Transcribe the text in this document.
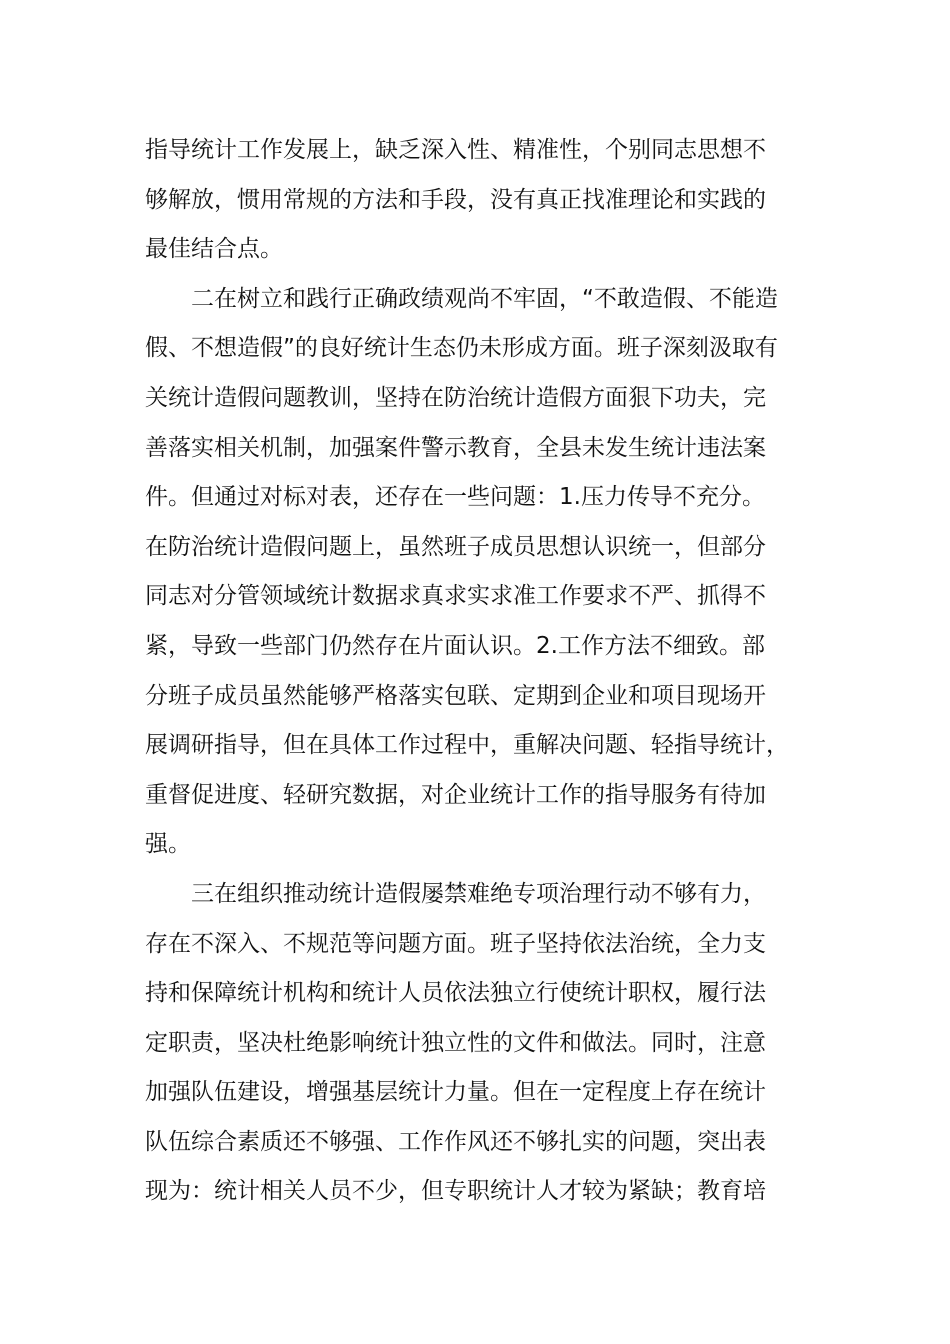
指导统计工作发展上，缺乏深入性、精准性，个别同志思想不
够解放，惯用常规的方法和手段，没有真正找准理论和实践的
最佳结合点。
二在树立和践行正确政绩观尚不牢固，“不敢造假、不能造
假、不想造假”的良好统计生态仍未形成方面。班子深刻汲取有
关统计造假问题教训，坚持在防治统计造假方面狠下功夫，完
善落实相关机制，加强案件警示教育，全县未发生统计违法案
件。但通过对标对表，还存在一些问题：1.压力传导不充分。
在防治统计造假问题上，虽然班子成员思想认识统一，但部分
同志对分管领域统计数据求真求实求准工作要求不严、抓得不
紧，导致一些部门仍然存在片面认识。2.工作方法不细致。部
分班子成员虽然能够严格落实包联、定期到企业和项目现场开
展调研指导，但在具体工作过程中，重解决问题、轻指导统计，
重督促进度、轻研究数据，对企业统计工作的指导服务有待加
强。
三在组织推动统计造假屡禁难绝专项治理行动不够有力，
存在不深入、不规范等问题方面。班子坚持依法治统，全力支
持和保障统计机构和统计人员依法独立行使统计职权，履行法
定职责，坚决杜绝影响统计独立性的文件和做法。同时，注意
加强队伍建设，增强基层统计力量。但在一定程度上存在统计
队伍综合素质还不够强、工作作风还不够扎实的问题，突出表
现为：统计相关人员不少，但专职统计人才较为紧缺；教育培
